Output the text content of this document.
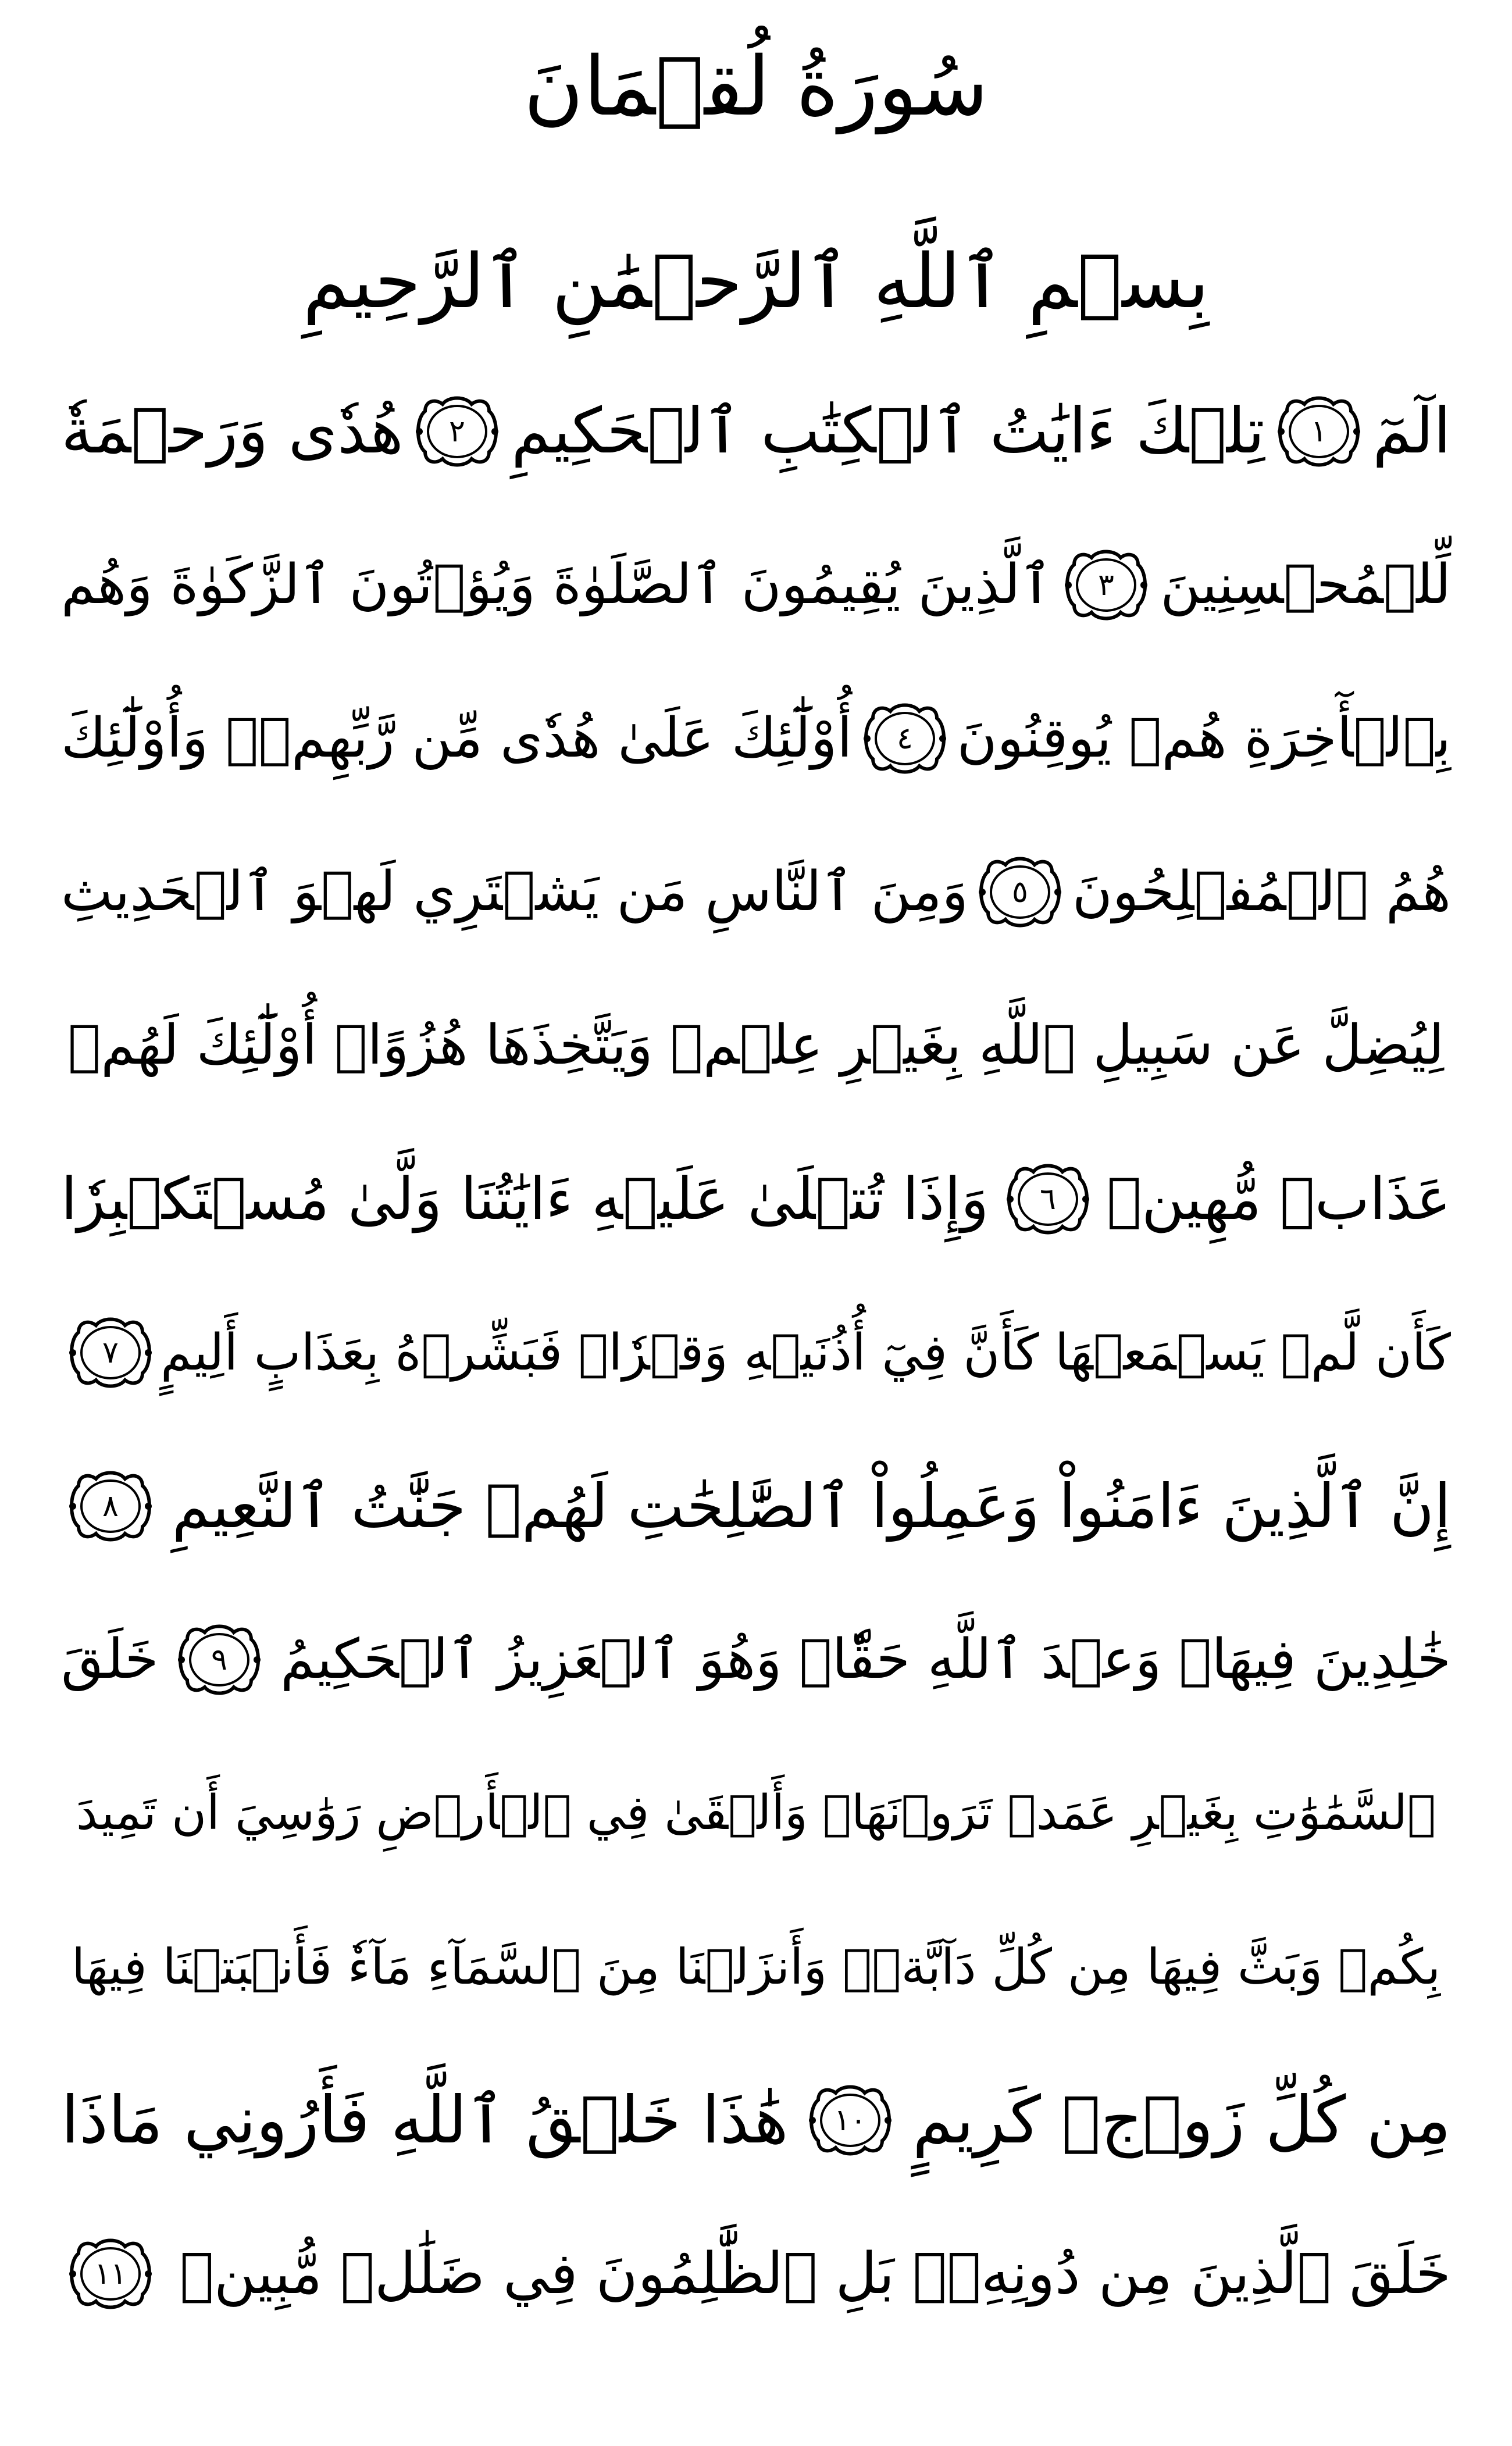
سُورَةُ لُقۡمَانَ
بِسۡمِ ٱللَّهِ ٱلرَّحۡمَٰنِ ٱلرَّحِيمِ
الٓمٓ
١
تِلۡكَ ءَايَٰتُ ٱلۡكِتَٰبِ ٱلۡحَكِيمِ
٢
هُدٗى وَرَحۡمَةٗ
لِّلۡمُحۡسِنِينَ
٣
ٱلَّذِينَ يُقِيمُونَ ٱلصَّلَوٰةَ وَيُؤۡتُونَ ٱلزَّكَوٰةَ وَهُم
بِٱلۡأٓخِرَةِ هُمۡ يُوقِنُونَ
٤
أُوْلَٰٓئِكَ عَلَىٰ هُدٗى مِّن رَّبِّهِمۡۖ وَأُوْلَٰٓئِكَ
هُمُ ٱلۡمُفۡلِحُونَ
٥
وَمِنَ ٱلنَّاسِ مَن يَشۡتَرِي لَهۡوَ ٱلۡحَدِيثِ
لِيُضِلَّ عَن سَبِيلِ ٱللَّهِ بِغَيۡرِ عِلۡمٖ وَيَتَّخِذَهَا هُزُوًاۚ أُوْلَٰٓئِكَ لَهُمۡ
عَذَابٞ مُّهِينٞ
٦
وَإِذَا تُتۡلَىٰ عَلَيۡهِ ءَايَٰتُنَا وَلَّىٰ مُسۡتَكۡبِرٗا
كَأَن لَّمۡ يَسۡمَعۡهَا كَأَنَّ فِيٓ أُذُنَيۡهِ وَقۡرٗاۖ فَبَشِّرۡهُ بِعَذَابٍ أَلِيمٍ
٧
إِنَّ ٱلَّذِينَ ءَامَنُواْ وَعَمِلُواْ ٱلصَّٰلِحَٰتِ لَهُمۡ جَنَّٰتُ ٱلنَّعِيمِ
٨
خَٰلِدِينَ فِيهَاۖ وَعۡدَ ٱللَّهِ حَقّٗاۚ وَهُوَ ٱلۡعَزِيزُ ٱلۡحَكِيمُ
٩
خَلَقَ
ٱلسَّمَٰوَٰتِ بِغَيۡرِ عَمَدٖ تَرَوۡنَهَاۖ وَأَلۡقَىٰ فِي ٱلۡأَرۡضِ رَوَٰسِيَ أَن تَمِيدَ
بِكُمۡ وَبَثَّ فِيهَا مِن كُلِّ دَآبَّةٖۚ وَأَنزَلۡنَا مِنَ ٱلسَّمَآءِ مَآءٗ فَأَنۢبَتۡنَا فِيهَا
مِن كُلِّ زَوۡجٖ كَرِيمٍ
١٠
هَٰذَا خَلۡقُ ٱللَّهِ فَأَرُونِي مَاذَا
خَلَقَ ٱلَّذِينَ مِن دُونِهِۦۚ بَلِ ٱلظَّٰلِمُونَ فِي ضَلَٰلٖ مُّبِينٖ
١١
